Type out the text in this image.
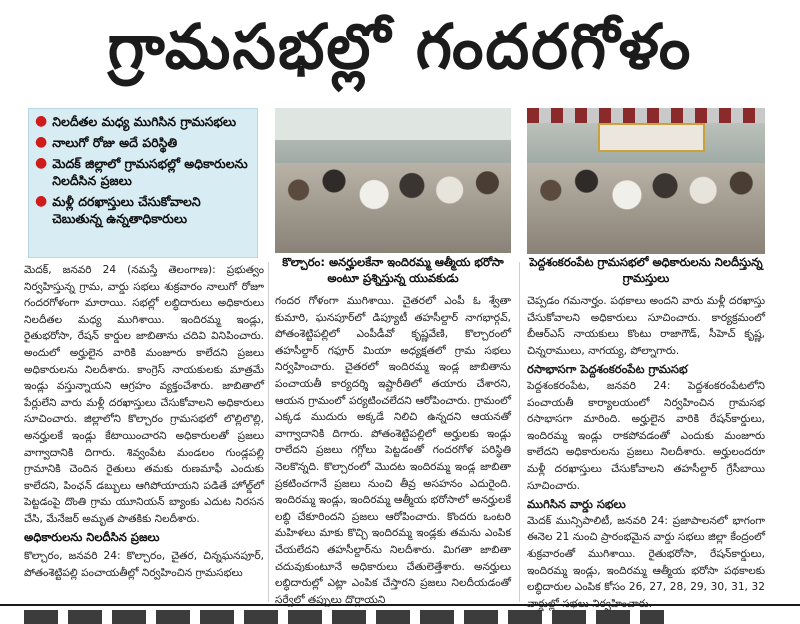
గ్రామసభల్లో గందరగోళం
● నిలదీతల మధ్య ముగిసిన గ్రామసభలు
● నాలుగో రోజు అదే పరిస్థితి
● మెదక్ జిల్లాలో గ్రామసభల్లో అధికారులను నిలదీసిన ప్రజలు
● మళ్లీ దరఖాస్తులు చేసుకోవాలని చెబుతున్న ఉన్నతాధికారులు
కొల్చారం: అనర్హులకేనా ఇందిరమ్మ ఆత్మీయ భరోసా అంటూ ప్రశ్నిస్తున్న యువకుడు
పెద్దశంకరంపేట గ్రామసభలో అధికారులను నిలదీస్తున్న గ్రామస్తులు
మెదక్, జనవరి 24 (నమస్తే తెలంగాణ): ప్రభుత్వం నిర్వహిస్తున్న గ్రామ, వార్డు సభలు శుక్రవారం నాలుగో రోజూ గందరగోళంగా మారాయి. సభల్లో లబ్ధిదారులు అధికారులు నిలదీతల మధ్య ముగిశాయి. ఇందిరమ్మ ఇండ్లు, రైతుభరోసా, రేషన్ కార్డుల జాబితాను చదివి వినిపించారు. అందులో అర్హులైన వారికి మంజూరు కాలేదని ప్రజలు అధికారులను నిలదీశారు. కాంగ్రెస్ నాయకులకు మాత్రమే ఇండ్లు వస్తున్నాయని ఆగ్రహం వ్యక్తంచేశారు. జాబితాలో పేర్లులేని వారు మళ్లీ దరఖాస్తులు చేసుకోవాలని అధికారులు సూచించారు. జిల్లాలోని కొల్చారం గ్రామసభలో లొల్లిలొల్లి, అనర్హులకే ఇండ్లు కేటాయించారని అధికారులతో ప్రజలు వాగ్వాదానికి దిగారు. శివ్వంపేట మండలం గుండ్లపల్లి గ్రామానికి చెందిన రైతులు తమకు రుణమాఫీ ఎందుకు కాలేదని, పింఛన్ డబ్బులు ఆగిపోయాయని పడితే హోల్డ్‌లో పెట్టడంపై దొంతి గ్రామ యూనియన్ బ్యాంకు ఎదుట నిరసన చేసి, మేనేజర్ అమృత పాతకికు నిలదీశారు.
అధికారులను నిలదీసిన ప్రజలు
కొల్చారం, జనవరి 24: కొల్చారం, చైతర, చిన్నఘనపూర్, పోతంశెట్టిపల్లి పంచాయతీల్లో నిర్వహించిన గ్రామసభలు
గందర గోళంగా ముగిశాయి. చైతరలో ఎంపీ ఓ శ్వేతా కుమారి, ఘనపూర్‌లో డిప్యూటీ తహసీల్దార్ నాగభార్గవ్, పోతంశెట్టిపల్లిలో ఎంపీడీవో కృష్ణవేణి, కొల్చారంలో తహసీల్దార్ గఫూర్ మియా అధ్యక్షతలో గ్రామ సభలు నిర్వహించారు. చైతరలో ఇందిరమ్మ ఇండ్ల జాబితాను పంచాయతీ కార్యదర్శి ఇష్టారీతిలో తయారు చేశారని, ఆయన గ్రామంలో పర్యటించలేదని ఆరోపించారు. గ్రామంలో ఎక్కడ ముదురు అక్కడే నిలిచి ఉన్నదని ఆయనతో వాగ్వాదానికి దిగారు. పోతంశెట్టిపల్లిలో అర్హులకు ఇండ్లు రాలేదని ప్రజలు గగ్గోలు పెట్టడంతో గందరగోళ పరిస్థితి నెలకొన్నది. కొల్చారంలో మొదట ఇందిరమ్మ ఇండ్ల జాబితా ప్రకటించగానే ప్రజలు నుంచి తీవ్ర అసహనం ఎదురైంది. ఇందిరమ్మ ఇండ్లు, ఇందిరమ్మ ఆత్మీయ భరోసాలో అనర్హులకే లబ్ధి చేకూరిందని ప్రజలు ఆరోపించారు. కొందరు ఒంటరి మహిళలు మాకు కొచ్చి ఇందిరమ్మ ఇండ్లకు తమను ఎంపిక చేయలేదని తహసీల్దార్‌ను నిలదీశారు. మిగతా జాబితా చదువుకుంటూనే అధికారులు చేతులెత్తేశారు. అనర్హులు లబ్ధిదారుల్లో ఎట్లా ఎంపిక చేస్తారని ప్రజలు నిలదీయడంతో సర్వేలో తప్పులు దొర్లాయని
చెప్పడం గమనార్హం. పథకాలు అందని వారు మళ్లీ దరఖాస్తు చేసుకోవాలని అధికారులు సూచించారు. కార్యక్రమంలో బీఆర్‌ఎస్ నాయకులు కొంటు రాజాగౌడ్, సీహెచ్ కృష్ణ, చిన్నరాములు, నాగయ్య, పోల్నాగారు.
రసాభాసగా పెద్దశంకరంపేట గ్రామసభ
పెద్దశంకరంపేట, జనవరి 24: పెద్దశంకరంపేటలోని పంచాయతీ కార్యాలయంలో నిర్వహించిన గ్రామసభ రసాభాసగా మారింది. అర్హులైన వారికి రేషన్‌కార్డులు, ఇందిరమ్మ ఇండ్లు రాకపోవడంతో ఎందుకు మంజూరు కాలేదని అధికారులను ప్రజలు నిలదీశారు. అర్హులందరూ మళ్లీ దరఖాస్తులు చేసుకోవాలని తహసీల్దార్ గ్రేసీబాయి సూచించారు.
ముగిసిన వార్డు సభలు
మెదక్ మున్సిపాలిటీ, జనవరి 24: ప్రజాపాలనలో భాగంగా ఈనెల 21 నుంచి ప్రారంభమైన వార్డు సభలు జిల్లా కేంద్రంలో శుక్రవారంతో ముగిశాయి. రైతుభరోసా, రేషన్‌కార్డులు, ఇందిరమ్మ ఇండ్లు, ఇందిరమ్మ ఆత్మీయ భరోసా పథకాలకు లబ్ధిదారుల ఎంపిక కోసం 26, 27, 28, 29, 30, 31, 32 వార్డుల్లో సభలు నిర్వహించారు.
